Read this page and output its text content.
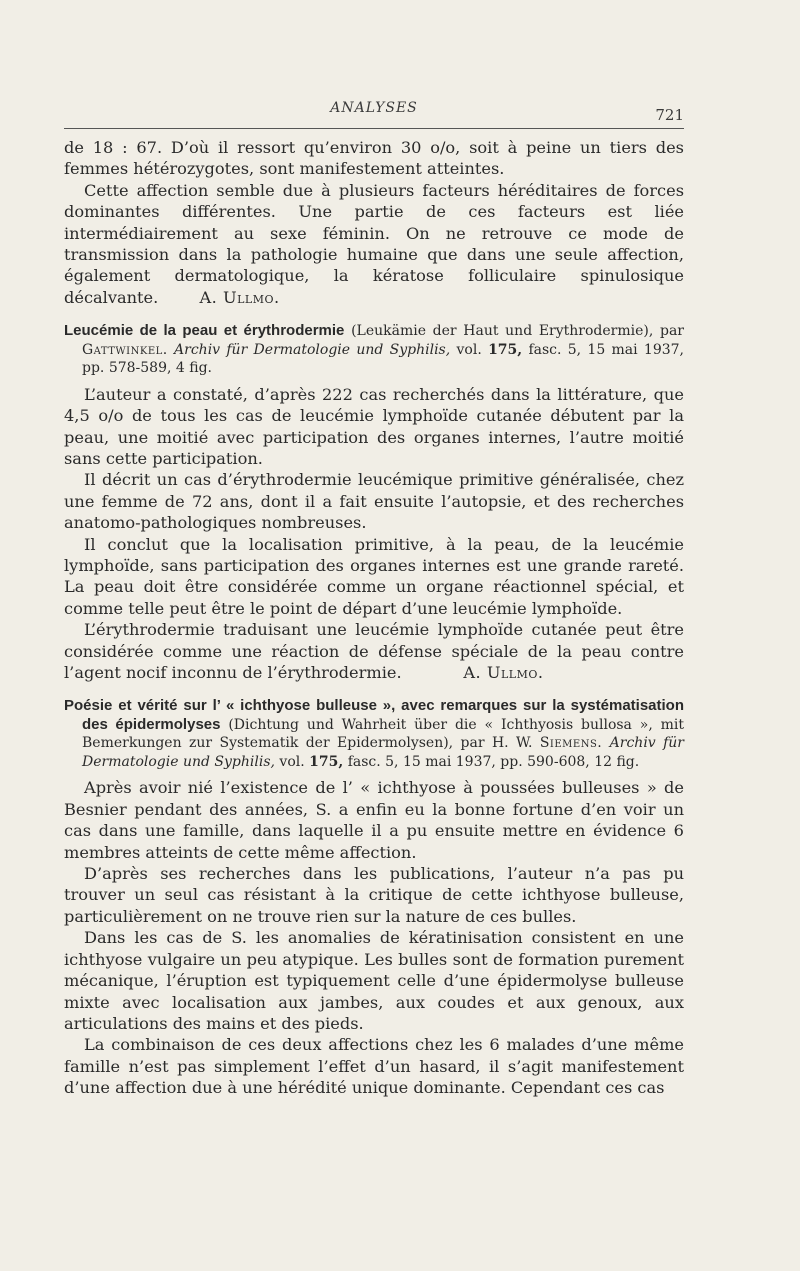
ANALYSES	721

de 18 : 67. D’où il ressort qu’environ 30 o/o, soit à peine un tiers des femmes hétérozygotes, sont manifestement atteintes.

Cette affection semble due à plusieurs facteurs héréditaires de forces dominantes différentes. Une partie de ces facteurs est liée intermédiairement au sexe féminin. On ne retrouve ce mode de transmission dans la pathologie humaine que dans une seule affection, également dermatologique, la kératose folliculaire spinulosique décalvante.	A. Ullmo.

Leucémie de la peau et érythrodermie (Leukämie der Haut und Erythrodermie), par Gattwinkel. Archiv für Dermatologie und Syphilis, vol. 175, fasc. 5, 15 mai 1937, pp. 578-589, 4 fig.

L’auteur a constaté, d’après 222 cas recherchés dans la littérature, que 4,5 o/o de tous les cas de leucémie lymphoïde cutanée débutent par la peau, une moitié avec participation des organes internes, l’autre moitié sans cette participation.

Il décrit un cas d’érythrodermie leucémique primitive généralisée, chez une femme de 72 ans, dont il a fait ensuite l’autopsie, et des recherches anatomo-pathologiques nombreuses.

Il conclut que la localisation primitive, à la peau, de la leucémie lymphoïde, sans participation des organes internes est une grande rareté. La peau doit être considérée comme un organe réactionnel spécial, et comme telle peut être le point de départ d’une leucémie lymphoïde.

L’érythrodermie traduisant une leucémie lymphoïde cutanée peut être considérée comme une réaction de défense spéciale de la peau contre l’agent nocif inconnu de l’érythrodermie.	A. Ullmo.

Poésie et vérité sur l’ « ichthyose bulleuse », avec remarques sur la systématisation des épidermolyses (Dichtung und Wahrheit über die « Ichthyosis bullosa », mit Bemerkungen zur Systematik der Epidermolysen), par H. W. Siemens. Archiv für Dermatologie und Syphilis, vol. 175, fasc. 5, 15 mai 1937, pp. 590-608, 12 fig.

Après avoir nié l’existence de l’ « ichthyose à poussées bulleuses » de Besnier pendant des années, S. a enfin eu la bonne fortune d’en voir un cas dans une famille, dans laquelle il a pu ensuite mettre en évidence 6 membres atteints de cette même affection.

D’après ses recherches dans les publications, l’auteur n’a pas pu trouver un seul cas résistant à la critique de cette ichthyose bulleuse, particulièrement on ne trouve rien sur la nature de ces bulles.

Dans les cas de S. les anomalies de kératinisation consistent en une ichthyose vulgaire un peu atypique. Les bulles sont de formation purement mécanique, l’éruption est typiquement celle d’une épidermolyse bulleuse mixte avec localisation aux jambes, aux coudes et aux genoux, aux articulations des mains et des pieds.

La combinaison de ces deux affections chez les 6 malades d’une même famille n’est pas simplement l’effet d’un hasard, il s’agit manifestement d’une affection due à une hérédité unique dominante. Cependant ces cas
